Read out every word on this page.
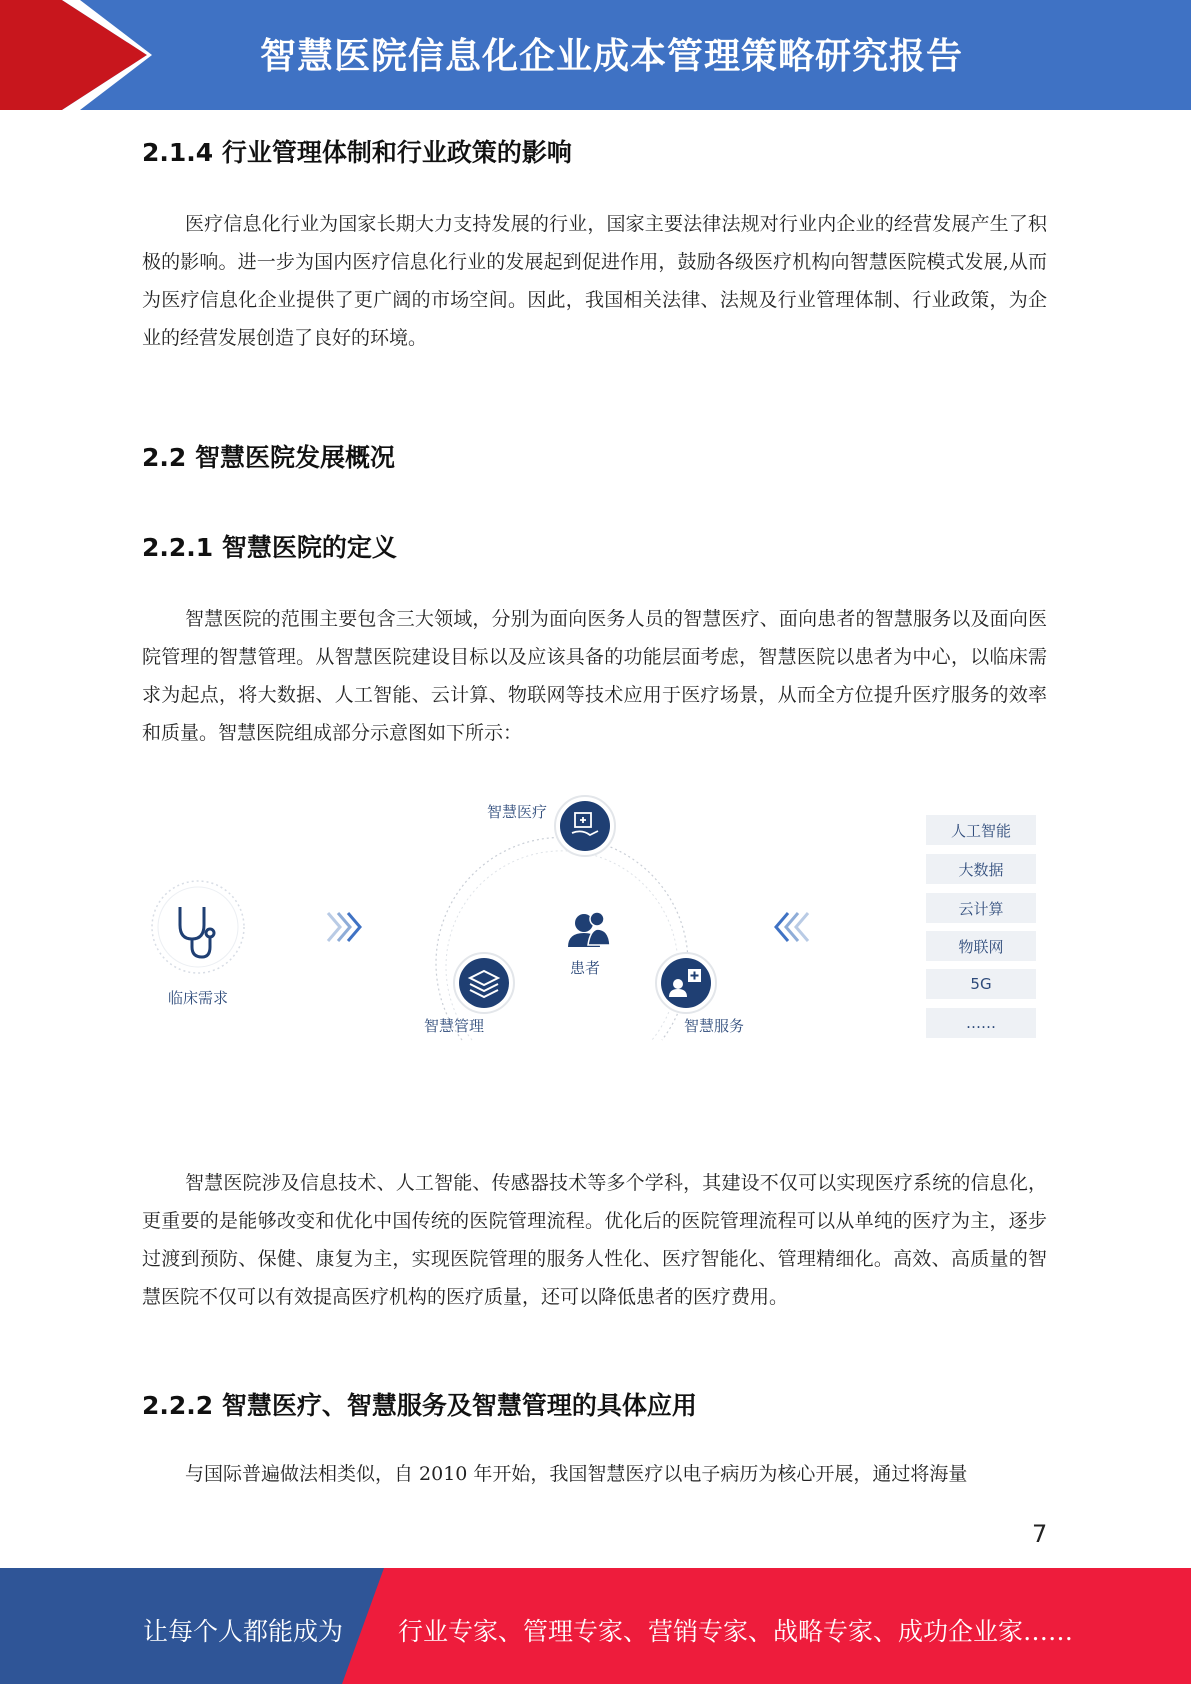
智慧医院信息化企业成本管理策略研究报告
2.1.4 行业管理体制和行业政策的影响
医疗信息化行业为国家长期大力支持发展的行业，国家主要法律法规对行业内企业的经营发展产生了积极的影响。进一步为国内医疗信息化行业的发展起到促进作用，鼓励各级医疗机构向智慧医院模式发展,从而为医疗信息化企业提供了更广阔的市场空间。因此，我国相关法律、法规及行业管理体制、行业政策，为企业的经营发展创造了良好的环境。
2.2 智慧医院发展概况
2.2.1 智慧医院的定义
智慧医院的范围主要包含三大领域，分别为面向医务人员的智慧医疗、面向患者的智慧服务以及面向医院管理的智慧管理。从智慧医院建设目标以及应该具备的功能层面考虑，智慧医院以患者为中心，以临床需求为起点，将大数据、人工智能、云计算、物联网等技术应用于医疗场景，从而全方位提升医疗服务的效率和质量。智慧医院组成部分示意图如下所示：
临床需求
患者
智慧医疗
智慧管理	智慧服务
人工智能
大数据
云计算
物联网
5G
……
智慧医院涉及信息技术、人工智能、传感器技术等多个学科，其建设不仅可以实现医疗系统的信息化，更重要的是能够改变和优化中国传统的医院管理流程。优化后的医院管理流程可以从单纯的医疗为主，逐步过渡到预防、保健、康复为主，实现医院管理的服务人性化、医疗智能化、管理精细化。高效、高质量的智慧医院不仅可以有效提高医疗机构的医疗质量，还可以降低患者的医疗费用。
2.2.2 智慧医疗、智慧服务及智慧管理的具体应用
与国际普遍做法相类似，自 2010 年开始，我国智慧医疗以电子病历为核心开展，通过将海量
7
让每个人都能成为 行业专家、管理专家、营销专家、战略专家、成功企业家……
